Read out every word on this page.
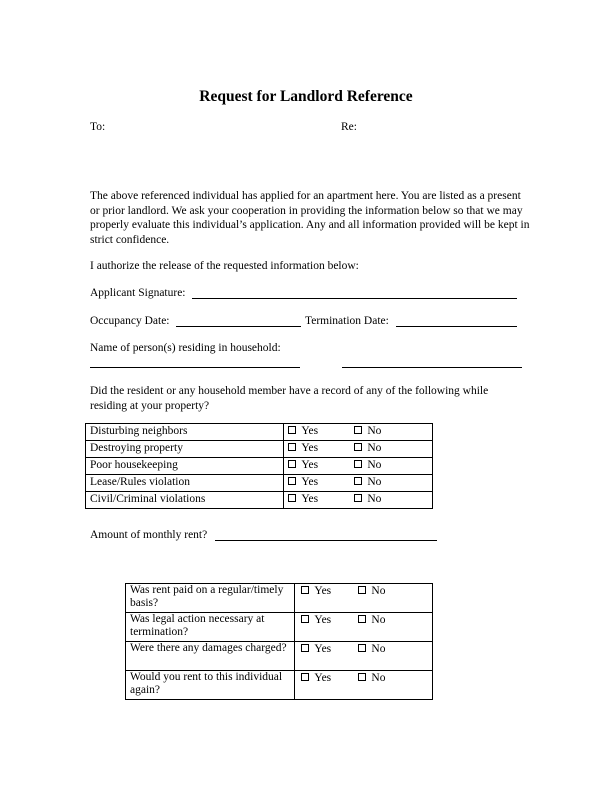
Request for Landlord Reference
To:	Re:
The above referenced individual has applied for an apartment here. You are listed as a present or prior landlord. We ask your cooperation in providing the information below so that we may properly evaluate this individual’s application. Any and all information provided will be kept in strict confidence.
I authorize the release of the requested information below:
Applicant Signature:
Occupancy Date:	Termination Date:
Name of person(s) residing in household:
Did the resident or any household member have a record of any of the following while residing at your property?
Disturbing neighbors	Yes No
Destroying property	Yes No
Poor housekeeping	Yes No
Lease/Rules violation	Yes No
Civil/Criminal violations	Yes No
Amount of monthly rent?
Was rent paid on a regular/timely basis?	Yes No
Was legal action necessary at termination?	Yes No
Were there any damages charged?	Yes No
Would you rent to this individual again?	Yes No
